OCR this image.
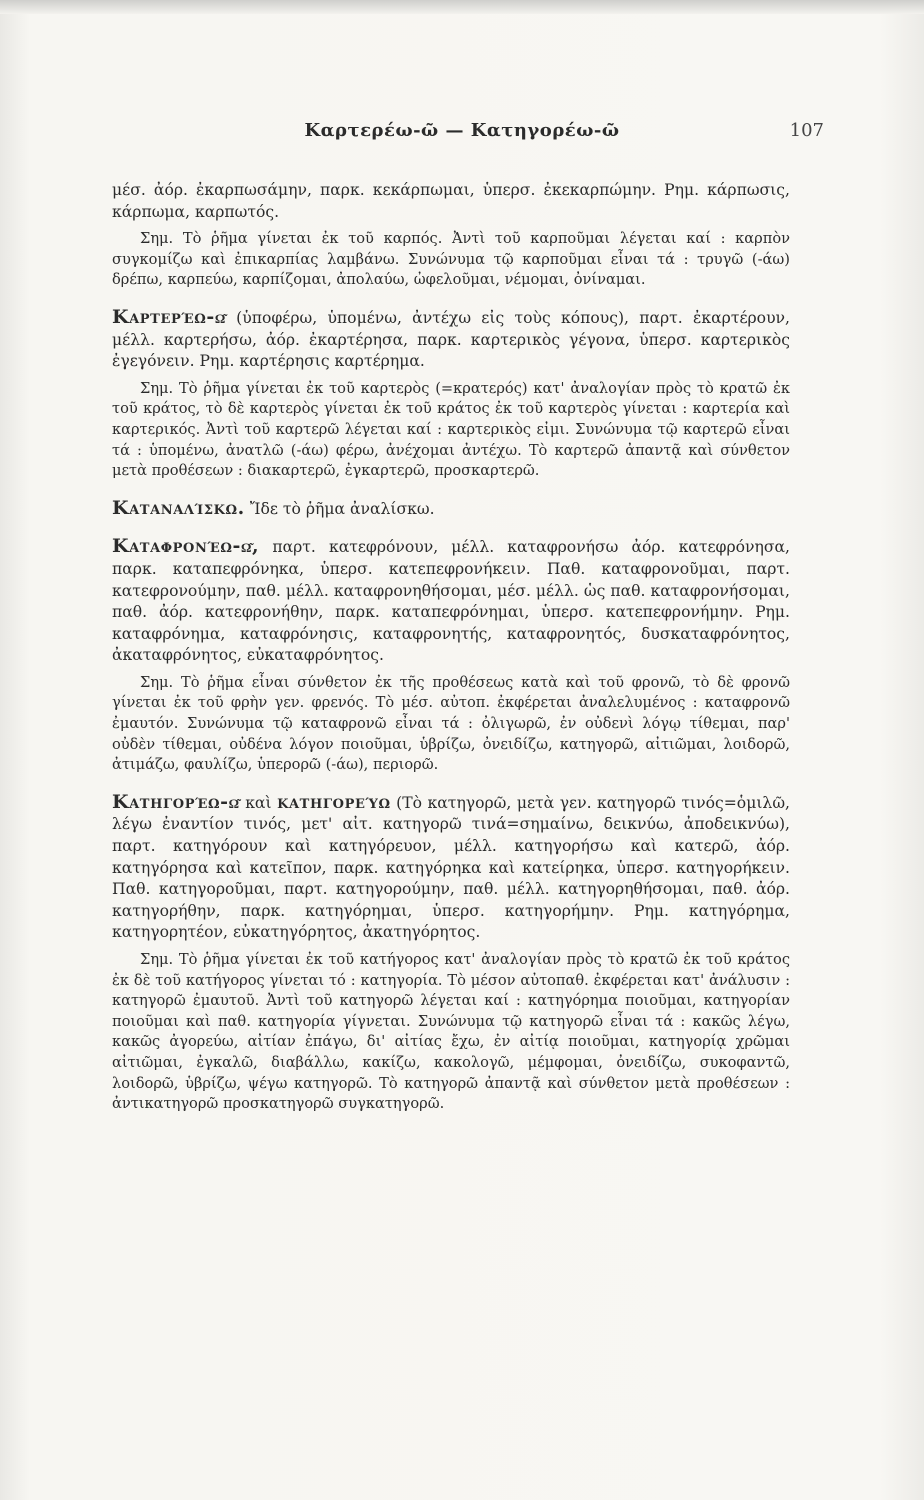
Καρτερέω-ῶ — Κατηγορέω-ῶ	107

μέσ. ἀόρ. ἐκαρπωσάμην, παρκ. κεκάρπωμαι, ὑπερσ. ἐκεκαρπώμην. Ρημ. κάρπωσις, κάρπωμα, καρπωτός.

Σημ. Τὸ ῥῆμα γίνεται ἐκ τοῦ καρπός. Ἀντὶ τοῦ καρποῦμαι λέγεται καί : καρπὸν συγκομίζω καὶ ἐπικαρπίας λαμβάνω. Συνώνυμα τῷ καρποῦμαι εἶναι τά : τρυγῶ (-άω) δρέπω, καρπεύω, καρπίζομαι, ἀπολαύω, ὠφελοῦμαι, νέμομαι, ὀνίναμαι.

Καρτερέω-ῶ (ὑποφέρω, ὑπομένω, ἀντέχω εἰς τοὺς κόπους), παρτ. ἐκαρτέρουν, μέλλ. καρτερήσω, ἀόρ. ἐκαρτέρησα, παρκ. καρτερικὸς γέγονα, ὑπερσ. καρτερικὸς ἐγεγόνειν. Ρημ. καρτέρησις καρτέρημα.

Σημ. Τὸ ῥῆμα γίνεται ἐκ τοῦ καρτερὸς (=κρατερός) κατ' ἀναλογίαν πρὸς τὸ κρατῶ ἐκ τοῦ κράτος, τὸ δὲ καρτερὸς γίνεται ἐκ τοῦ κράτος ἐκ τοῦ καρτερὸς γίνεται : καρτερία καὶ καρτερικός. Ἀντὶ τοῦ καρτερῶ λέγεται καί : καρτερικὸς εἰμι. Συνώνυμα τῷ καρτερῶ εἶναι τά : ὑπομένω, ἀνατλῶ (-άω) φέρω, ἀνέχομαι ἀντέχω. Τὸ καρτερῶ ἀπαντᾷ καὶ σύνθετον μετὰ προθέσεων : διακαρτερῶ, ἐγκαρτερῶ, προσκαρτερῶ.

Καταναλίσκω. Ἴδε τὸ ῥῆμα ἀναλίσκω.

Καταφρονέω-ῶ, παρτ. κατεφρόνουν, μέλλ. καταφρονήσω ἀόρ. κατεφρόνησα, παρκ. καταπεφρόνηκα, ὑπερσ. κατεπεφρονήκειν. Παθ. καταφρονοῦμαι, παρτ. κατεφρονούμην, παθ. μέλλ. καταφρονηθήσομαι, μέσ. μέλλ. ὡς παθ. καταφρονήσομαι, παθ. ἀόρ. κατεφρονήθην, παρκ. καταπεφρόνημαι, ὑπερσ. κατεπεφρονήμην. Ρημ. καταφρόνημα, καταφρόνησις, καταφρονητής, καταφρονητός, δυσκαταφρόνητος, ἀκαταφρόνητος, εὐκαταφρόνητος.

Σημ. Τὸ ῥῆμα εἶναι σύνθετον ἐκ τῆς προθέσεως κατὰ καὶ τοῦ φρονῶ, τὸ δὲ φρονῶ γίνεται ἐκ τοῦ φρὴν γεν. φρενός. Τὸ μέσ. αὐτοπ. ἐκφέρεται ἀναλελυμένος : καταφρονῶ ἐμαυτόν. Συνώνυμα τῷ καταφρονῶ εἶναι τά : ὀλιγωρῶ, ἐν οὐδενὶ λόγῳ τίθεμαι, παρ' οὐδὲν τίθεμαι, οὐδένα λόγον ποιοῦμαι, ὑβρίζω, ὀνειδίζω, κατηγορῶ, αἰτιῶμαι, λοιδορῶ, ἀτιμάζω, φαυλίζω, ὑπερορῶ (-άω), περιορῶ.

Κατηγορέω-ῶ καὶ κατηγορεύω (Τὸ κατηγορῶ, μετὰ γεν. κατηγορῶ τινός=ὁμιλῶ, λέγω ἐναντίον τινός, μετ' αἰτ. κατηγορῶ τινά=σημαίνω, δεικνύω, ἀποδεικνύω), παρτ. κατηγόρουν καὶ κατηγόρευον, μέλλ. κατηγορήσω καὶ κατερῶ, ἀόρ. κατηγόρησα καὶ κατεῖπον, παρκ. κατηγόρηκα καὶ κατείρηκα, ὑπερσ. κατηγορήκειν. Παθ. κατηγοροῦμαι, παρτ. κατηγορούμην, παθ. μέλλ. κατηγορηθήσομαι, παθ. ἀόρ. κατηγορήθην, παρκ. κατηγόρημαι, ὑπερσ. κατηγορήμην. Ρημ. κατηγόρημα, κατηγορητέον, εὐκατηγόρητος, ἀκατηγόρητος.

Σημ. Τὸ ῥῆμα γίνεται ἐκ τοῦ κατήγορος κατ' ἀναλογίαν πρὸς τὸ κρατῶ ἐκ τοῦ κράτος ἐκ δὲ τοῦ κατήγορος γίνεται τό : κατηγορία. Τὸ μέσον αὐτοπαθ. ἐκφέρεται κατ' ἀνάλυσιν : κατηγορῶ ἐμαυτοῦ. Ἀντὶ τοῦ κατηγορῶ λέγεται καί : κατηγόρημα ποιοῦμαι, κατηγορίαν ποιοῦμαι καὶ παθ. κατηγορία γίγνεται. Συνώνυμα τῷ κατηγορῶ εἶναι τά : κακῶς λέγω, κακῶς ἀγορεύω, αἰτίαν ἐπάγω, δι' αἰτίας ἔχω, ἐν αἰτίᾳ ποιοῦμαι, κατηγορίᾳ χρῶμαι αἰτιῶμαι, ἐγκαλῶ, διαβάλλω, κακίζω, κακολογῶ, μέμφομαι, ὀνειδίζω, συκοφαντῶ, λοιδορῶ, ὑβρίζω, ψέγω κατηγορῶ. Τὸ κατηγορῶ ἀπαντᾷ καὶ σύνθετον μετὰ προθέσεων : ἀντικατηγορῶ προσκατηγορῶ συγκατηγορῶ.
